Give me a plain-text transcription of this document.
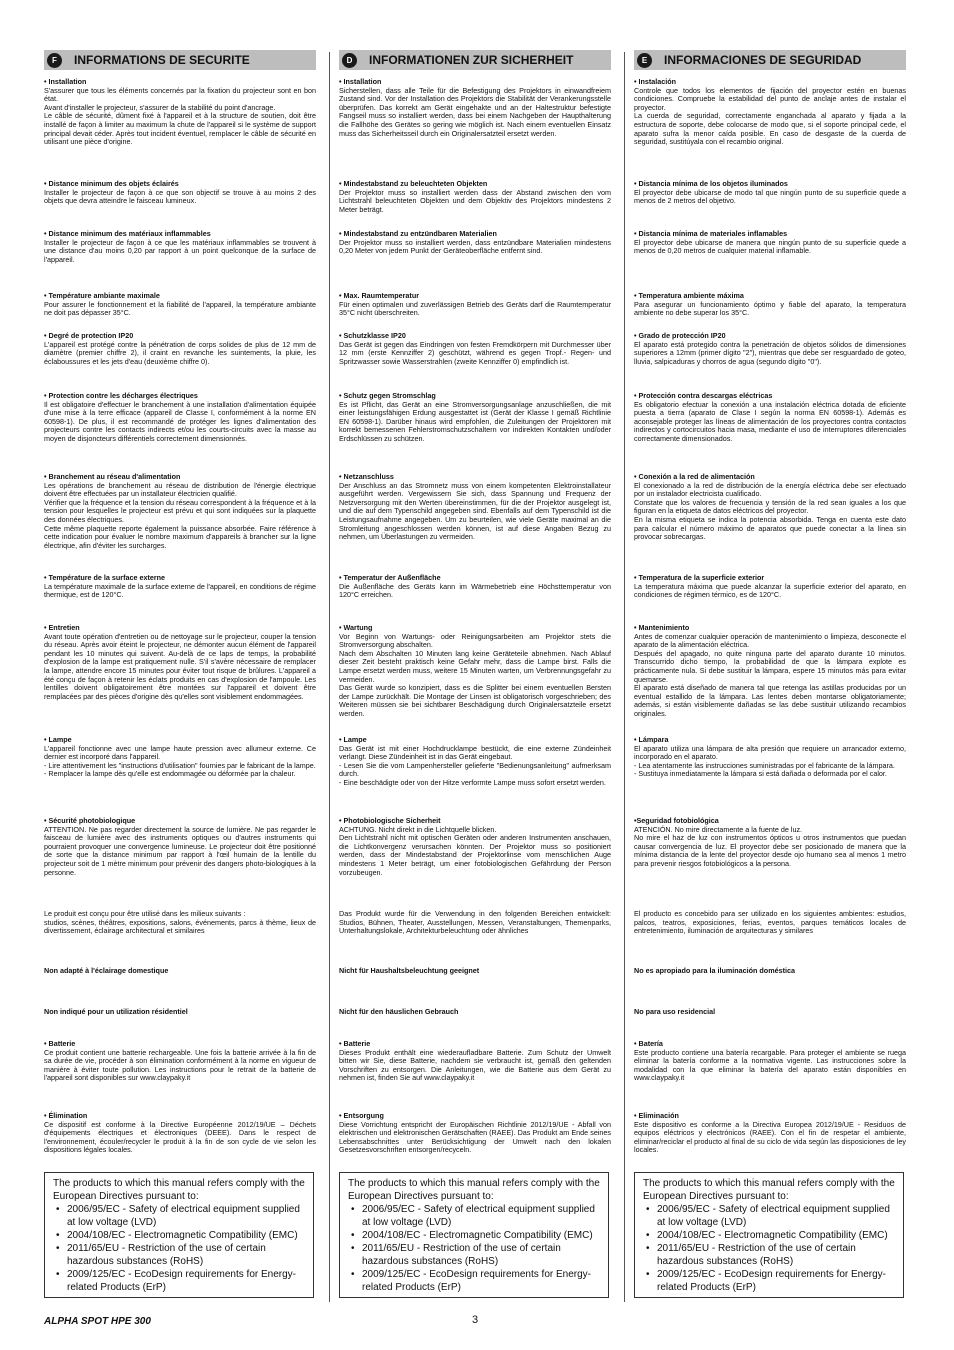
F	INFORMATIONS DE SECURITE
• Installation
S'assurer que tous les éléments concernés par la fixation du projecteur sont en bon état.
Avant d'installer le projecteur, s'assurer de la stabilité du point d'ancrage.
Le câble de sécurité, dûment fixé à l'appareil et à la structure de soutien, doit être installé de façon à limiter au maximum la chute de l'appareil si le système de support principal devait céder. Après tout incident éventuel, remplacer le câble de sécurité en utilisant une pièce d'origine.
• Distance minimum des objets éclairés
Installer le projecteur de façon à ce que son objectif se trouve à au moins 2 des objets que devra atteindre le faisceau lumineux.
• Distance minimum des matériaux inflammables
Installer le projecteur de façon à ce que les matériaux inflammables se trouvent à une distance d'au moins 0,20 par rapport à un point quelconque de la surface de l'appareil.
• Température ambiante maximale
Pour assurer le fonctionnement et la fiabilité de l'appareil, la température ambiante ne doit pas dépasser 35°C.
• Degré de protection IP20
L'appareil est protégé contre la pénétration de corps solides de plus de 12 mm de diamètre (premier chiffre 2), il craint en revanche les suintements, la pluie, les éclaboussures et les jets d'eau (deuxième chiffre 0).
• Protection contre les décharges électriques
Il est obligatoire d'effectuer le branchement à une installation d'alimentation équipée d'une mise à la terre efficace (appareil de Classe I, conformément à la norme EN 60598-1). De plus, il est recommandé de protéger les lignes d'alimentation des projecteurs contre les contacts indirects et/ou les courts-circuits avec la masse au moyen de disjoncteurs différentiels correctement dimensionnés.
• Branchement au réseau d'alimentation
Les opérations de branchement au réseau de distribution de l'énergie électrique doivent être effectuées par un installateur électricien qualifié.
Vérifier que la fréquence et la tension du réseau correspondent à la fréquence et à la tension pour lesquelles le projecteur est prévu et qui sont indiquées sur la plaquette des données électriques.
Cette même plaquette reporte également la puissance absorbée. Faire référence à cette indication pour évaluer le nombre maximum d'appareils à brancher sur la ligne électrique, afin d'éviter les surcharges.
• Température de la surface externe
La température maximale de la surface externe de l'appareil, en conditions de régime thermique, est de 120°C.
• Entretien
Avant toute opération d'entretien ou de nettoyage sur le projecteur, couper la tension du réseau. Après avoir éteint le projecteur, ne démonter aucun élément de l'appareil pendant les 10 minutes qui suivent. Au-delà de ce laps de temps, la probabilité d'explosion de la lampe est pratiquement nulle. S'il s'avère nécessaire de remplacer la lampe, attendre encore 15 minutes pour éviter tout risque de brûlures. L'appareil a été conçu de façon à retenir les éclats produits en cas d'explosion de l'ampoule. Les lentilles doivent obligatoirement être montées sur l'appareil et doivent être remplacées par des pièces d'origine dès qu'elles sont visiblement endommagées.
• Lampe
L'appareil fonctionne avec une lampe haute pression avec allumeur externe. Ce dernier est incorporé dans l'appareil.
- Lire attentivement les "instructions d'utilisation" fournies par le fabricant de la lampe.
- Remplacer la lampe dès qu'elle est endommagée ou déformée par la chaleur.
• Sécurité photobiologique
ATTENTION. Ne pas regarder directement la source de lumière. Ne pas regarder le faisceau de lumière avec des instruments optiques ou d'autres instruments qui pourraient provoquer une convergence lumineuse. Le projecteur doit être positionné de sorte que la distance minimum par rapport à l'œil humain de la lentille du projecteur soit de 1 mètre minimum pour prévenir des dangers photo-biologiques à la personne.
Le produit est conçu pour être utilisé dans les milieux suivants :
studios, scènes, théâtres, expositions, salons, événements, parcs à thème, lieux de divertissement, éclairage architectural et similaires
Non adapté à l'éclairage domestique
Non indiqué pour un utilization résidentiel
• Batterie
Ce produit contient une batterie rechargeable. Une fois la batterie arrivée à la fin de sa durée de vie, procéder à son élimination conformément à la norme en vigueur de manière à éviter toute pollution. Les instructions pour le retrait de la batterie de l'appareil sont disponibles sur www.claypaky.it
• Élimination
Ce dispositif est conforme à la Directive Européenne 2012/19/UE – Déchets d'équipements électriques et électroniques (DEEE). Dans le respect de l'environnement, écouler/recycler le produit à la fin de son cycle de vie selon les dispositions légales locales.
D	INFORMATIONEN ZUR SICHERHEIT
• Installation
Sicherstellen, dass alle Teile für die Befestigung des Projektors in einwandfreiem Zustand sind. Vor der Installation des Projektors die Stabilität der Verankerungsstelle überprüfen. Das korrekt am Gerät eingehakte und an der Haltestruktur befestigte Fangseil muss so installiert werden, dass bei einem Nachgeben der Haupthalterung die Fallhöhe des Gerätes so gering wie möglich ist. Nach einem eventuellen Einsatz muss das Sicherheitsseil durch ein Originalersatzteil ersetzt werden.
• Mindestabstand zu beleuchteten Objekten
Der Projektor muss so installiert werden dass der Abstand zwischen den vom Lichtstrahl beleuchteten Objekten und dem Objektiv des Projektors mindestens 2 Meter beträgt.
• Mindestabstand zu entzündbaren Materialien
Der Projektor muss so installiert werden, dass entzündbare Materialien mindestens 0,20 Meter von jedem Punkt der Geräteoberfläche entfernt sind.
• Max. Raumtemperatur
Für einen optimalen und zuverlässigen Betrieb des Geräts darf die Raumtemperatur 35°C nicht überschreiten.
• Schutzklasse IP20
Das Gerät ist gegen das Eindringen von festen Fremdkörpern mit Durchmesser über 12 mm (erste Kennziffer 2) geschützt, während es gegen Tropf.- Regen- und Spritzwasser sowie Wasserstrahlen (zweite Kennziffer 0) empfindlich ist.
• Schutz gegen Stromschlag
Es ist Pflicht, das Gerät an eine Stromversorgungsanlage anzuschließen, die mit einer leistungsfähigen Erdung ausgestattet ist (Gerät der Klasse I gemäß Richtlinie EN 60598-1). Darüber hinaus wird empfohlen, die Zuleitungen der Projektoren mit korrekt bemessenen Fehlerstromschutzschaltern vor indirekten Kontakten und/oder Erdschlüssen zu schützen.
• Netzanschluss
Der Anschluss an das Stromnetz muss von einem kompetenten Elektroinstallateur ausgeführt werden. Vergewissern Sie sich, dass Spannung und Frequenz der Netzversorgung mit den Werten übereinstimmen, für die der Projektor ausgelegt ist, und die auf dem Typenschild angegeben sind. Ebenfalls auf dem Typenschild ist die Leistungsaufnahme angegeben. Um zu beurteilen, wie viele Geräte maximal an die Stromleitung angeschlossen werden können, ist auf diese Angaben Bezug zu nehmen, um Überlastungen zu vermeiden.
• Temperatur der Außenfläche
Die Außenfläche des Geräts kann im Wärmebetrieb eine Höchsttemperatur von 120°C erreichen.
• Wartung
Vor Beginn von Wartungs- oder Reinigungsarbeiten am Projektor stets die Stromversorgung abschalten.
Nach dem Abschalten 10 Minuten lang keine Geräteteile abnehmen. Nach Ablauf dieser Zeit besteht praktisch keine Gefahr mehr, dass die Lampe birst. Falls die Lampe ersetzt werden muss, weitere 15 Minuten warten, um Verbrennungsgefahr zu vermeiden.
Das Gerät wurde so konzipiert, dass es die Splitter bei einem eventuellen Bersten der Lampe zurückhält. Die Montage der Linsen ist obligatorisch vorgeschrieben; des Weiteren müssen sie bei sichtbarer Beschädigung durch Originalersatzteile ersetzt werden.
• Lampe
Das Gerät ist mit einer Hochdrucklampe bestückt, die eine externe Zündeinheit verlangt. Diese Zündeinheit ist in das Gerät eingebaut.
- Lesen Sie die vom Lampenhersteller gelieferte "Bedienungsanleitung" aufmerksam durch.
- Eine beschädigte oder von der Hitze verformte Lampe muss sofort ersetzt werden.
• Photobiologische Sicherheit
ACHTUNG. Nicht direkt in die Lichtquelle blicken.
Den Lichtstrahl nicht mit optischen Geräten oder anderen Instrumenten anschauen, die Lichtkonvergenz verursachen könnten. Der Projektor muss so positioniert werden, dass der Mindestabstand der Projektorlinse vom menschlichen Auge mindestens 1 Meter beträgt, um einer fotobiologischen Gefährdung der Person vorzubeugen.
Das Produkt wurde für die Verwendung in den folgenden Bereichen entwickelt: Studios, Bühnen, Theater, Ausstellungen, Messen, Veranstaltungen, Themenparks, Unterhaltungslokale, Architekturbeleuchtung oder ähnliches
Nicht für Haushaltsbeleuchtung geeignet
Nicht für den häuslichen Gebrauch
• Batterie
Dieses Produkt enthält eine wiederaufladbare Batterie. Zum Schutz der Umwelt bitten wir Sie, diese Batterie, nachdem sie verbraucht ist, gemäß den geltenden Vorschriften zu entsorgen. Die Anleitungen, wie die Batterie aus dem Gerät zu nehmen ist, finden Sie auf www.claypaky.it
• Entsorgung
Diese Vorrichtung entspricht der Europäischen Richtlinie 2012/19/UE - Abfall von elektrischen und elektronischen Gerätschaften (RAEE). Das Produkt am Ende seines Lebensabschnittes unter Berücksichtigung der Umwelt nach den lokalen Gesetzesvorschriften entsorgen/recyceln.
E	INFORMACIONES DE SEGURIDAD
• Instalación
Controle que todos los elementos de fijación del proyector estén en buenas condiciones. Compruebe la estabilidad del punto de anclaje antes de instalar el proyector.
La cuerda de seguridad, correctamente enganchada al aparato y fijada a la estructura de soporte, debe colocarse de modo que, si el soporte principal cede, el aparato sufra la menor caída posible. En caso de desgaste de la cuerda de seguridad, sustitúyala con el recambio original.
• Distancia mínima de los objetos iluminados
El proyector debe ubicarse de modo tal que ningún punto de su superficie quede a menos de 2 metros del objetivo.
• Distancia mínima de materiales inflamables
El proyector debe ubicarse de manera que ningún punto de su superficie quede a menos de 0,20 metros de cualquier material inflamable.
• Temperatura ambiente máxima
Para asegurar un funcionamiento óptimo y fiable del aparato, la temperatura ambiente no debe superar los 35°C.
• Grado de protección IP20
El aparato está protegido contra la penetración de objetos sólidos de dimensiones superiores a 12mm (primer dígito "2"), mientras que debe ser resguardado de goteo, lluvia, salpicaduras y chorros de agua (segundo dígito "0").
• Protección contra descargas eléctricas
Es obligatorio efectuar la conexión a una instalación eléctrica dotada de eficiente puesta a tierra (aparato de Clase I según la norma EN 60598-1). Además es aconsejable proteger las líneas de alimentación de los proyectores contra contactos indirectos y cortocircuitos hacia masa, mediante el uso de interruptores diferenciales correctamente dimensionados.
• Conexión a la red de alimentación
El conexionado a la red de distribución de la energía eléctrica debe ser efectuado por un instalador electricista cualificado.
Constate que los valores de frecuencia y tensión de la red sean iguales a los que figuran en la etiqueta de datos eléctricos del proyector.
En la misma etiqueta se indica la potencia absorbida. Tenga en cuenta este dato para calcular el número máximo de aparatos que puede conectar a la línea sin provocar sobrecargas.
• Temperatura de la superficie exterior
La temperatura máxima que puede alcanzar la superficie exterior del aparato, en condiciones de régimen térmico, es de 120°C.
• Mantenimiento
Antes de comenzar cualquier operación de mantenimiento o limpieza, desconecte el aparato de la alimentación eléctrica.
Después del apagado, no quite ninguna parte del aparato durante 10 minutos. Transcurrido dicho tiempo, la probabilidad de que la lámpara explote es prácticamente nula. Si debe sustituir la lámpara, espere 15 minutos más para evitar quemarse.
El aparato está diseñado de manera tal que retenga las astillas producidas por un eventual estallido de la lámpara. Las lentes deben montarse obligatoriamente; además, si están visiblemente dañadas se las debe sustituir utilizando recambios originales.
• Lámpara
El aparato utiliza una lámpara de alta presión que requiere un arrancador externo, incorporado en el aparato.
- Lea atentamente las instrucciones suministradas por el fabricante de la lámpara.
- Sustituya inmediatamente la lámpara si está dañada o deformada por el calor.
•Seguridad fotobiológica
ATENCIÓN. No mire directamente a la fuente de luz.
No mire el haz de luz con instrumentos ópticos u otros instrumentos que puedan causar convergencia de luz. El proyector debe ser posicionado de manera que la mínima distancia de la lente del proyector desde ojo humano sea al menos 1 metro para prevenir riesgos fotobiológicos a la persona.
El producto es concebido para ser utilizado en los siguientes ambientes: estudios, palcos, teatros, exposiciones, ferias, eventos, parques temáticos locales de entretenimiento, iluminación de arquitecturas y similares
No es apropiado para la iluminación doméstica
No para uso residencial
• Batería
Este producto contiene una batería recargable. Para proteger el ambiente se ruega eliminar la batería conforme a la normativa vigente. Las instrucciones sobre la modalidad con la que eliminar la batería del aparato están disponibles en www.claypaky.it
• Eliminación
Este dispositivo es conforme a la Directiva Europea 2012/19/UE - Residuos de equipos eléctricos y electrónicos (RAEE). Con el fin de respetar el ambiente, eliminar/reciclar el producto al final de su ciclo de vida según las disposiciones de ley locales.
The products to which this manual refers comply with the European Directives pursuant to:
• 2006/95/EC - Safety of electrical equipment supplied at low voltage (LVD)
• 2004/108/EC - Electromagnetic Compatibility (EMC)
• 2011/65/EU - Restriction of the use of certain hazardous substances (RoHS)
• 2009/125/EC - EcoDesign requirements for Energy-related Products (ErP)
The products to which this manual refers comply with the European Directives pursuant to:
• 2006/95/EC - Safety of electrical equipment supplied at low voltage (LVD)
• 2004/108/EC - Electromagnetic Compatibility (EMC)
• 2011/65/EU - Restriction of the use of certain hazardous substances (RoHS)
• 2009/125/EC - EcoDesign requirements for Energy-related Products (ErP)
The products to which this manual refers comply with the European Directives pursuant to:
• 2006/95/EC - Safety of electrical equipment supplied at low voltage (LVD)
• 2004/108/EC - Electromagnetic Compatibility (EMC)
• 2011/65/EU - Restriction of the use of certain hazardous substances (RoHS)
• 2009/125/EC - EcoDesign requirements for Energy-related Products (ErP)
ALPHA SPOT HPE 300	3
